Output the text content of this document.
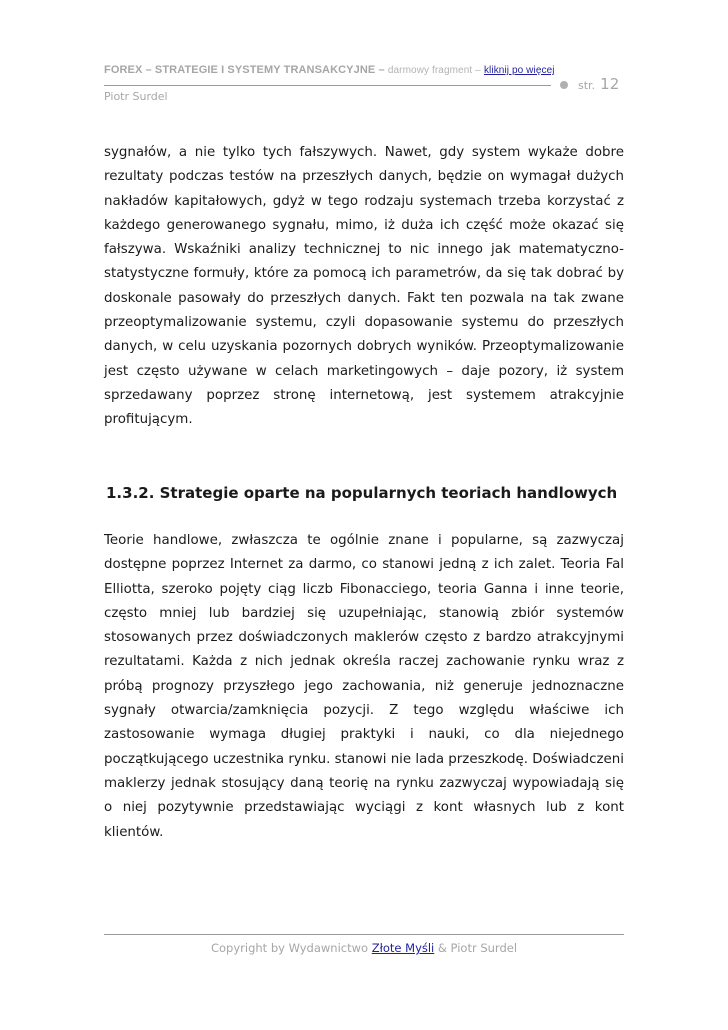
FOREX – STRATEGIE I SYSTEMY TRANSAKCYJNE – darmowy fragment – kliknij po więcej
str. 12
Piotr Surdel

sygnałów, a nie tylko tych fałszywych. Nawet, gdy system wykaże dobre rezultaty podczas testów na przeszłych danych, będzie on wymagał dużych nakładów kapitałowych, gdyż w tego rodzaju systemach trzeba korzystać z każdego generowanego sygnału, mimo, iż duża ich część może okazać się fałszywa. Wskaźniki analizy technicznej to nic innego jak matematyczno-statystyczne formuły, które za pomocą ich parametrów, da się tak dobrać by doskonale pasowały do przeszłych danych. Fakt ten pozwala na tak zwane przeoptymalizowanie systemu, czyli dopasowanie systemu do przeszłych danych, w celu uzyskania pozornych dobrych wyników. Przeoptymalizowanie jest często używane w celach marketingowych – daje pozory, iż system sprzedawany poprzez stronę internetową, jest systemem atrakcyjnie profitującym.

1.3.2. Strategie oparte na popularnych teoriach handlowych

Teorie handlowe, zwłaszcza te ogólnie znane i popularne, są zazwyczaj dostępne poprzez Internet za darmo, co stanowi jedną z ich zalet. Teoria Fal Elliotta, szeroko pojęty ciąg liczb Fibonacciego, teoria Ganna i inne teorie, często mniej lub bardziej się uzupełniając, stanowią zbiór systemów stosowanych przez doświadczonych maklerów często z bardzo atrakcyjnymi rezultatami. Każda z nich jednak określa raczej zachowanie rynku wraz z próbą prognozy przyszłego jego zachowania, niż generuje jednoznaczne sygnały otwarcia/zamknięcia pozycji. Z tego względu właściwe ich zastosowanie wymaga długiej praktyki i nauki, co dla niejednego początkującego uczestnika rynku. stanowi nie lada przeszkodę. Doświadczeni maklerzy jednak stosujący daną teorię na rynku zazwyczaj wypowiadają się o niej pozytywnie przedstawiając wyciągi z kont własnych lub z kont klientów.

Copyright by Wydawnictwo Złote Myśli & Piotr Surdel
